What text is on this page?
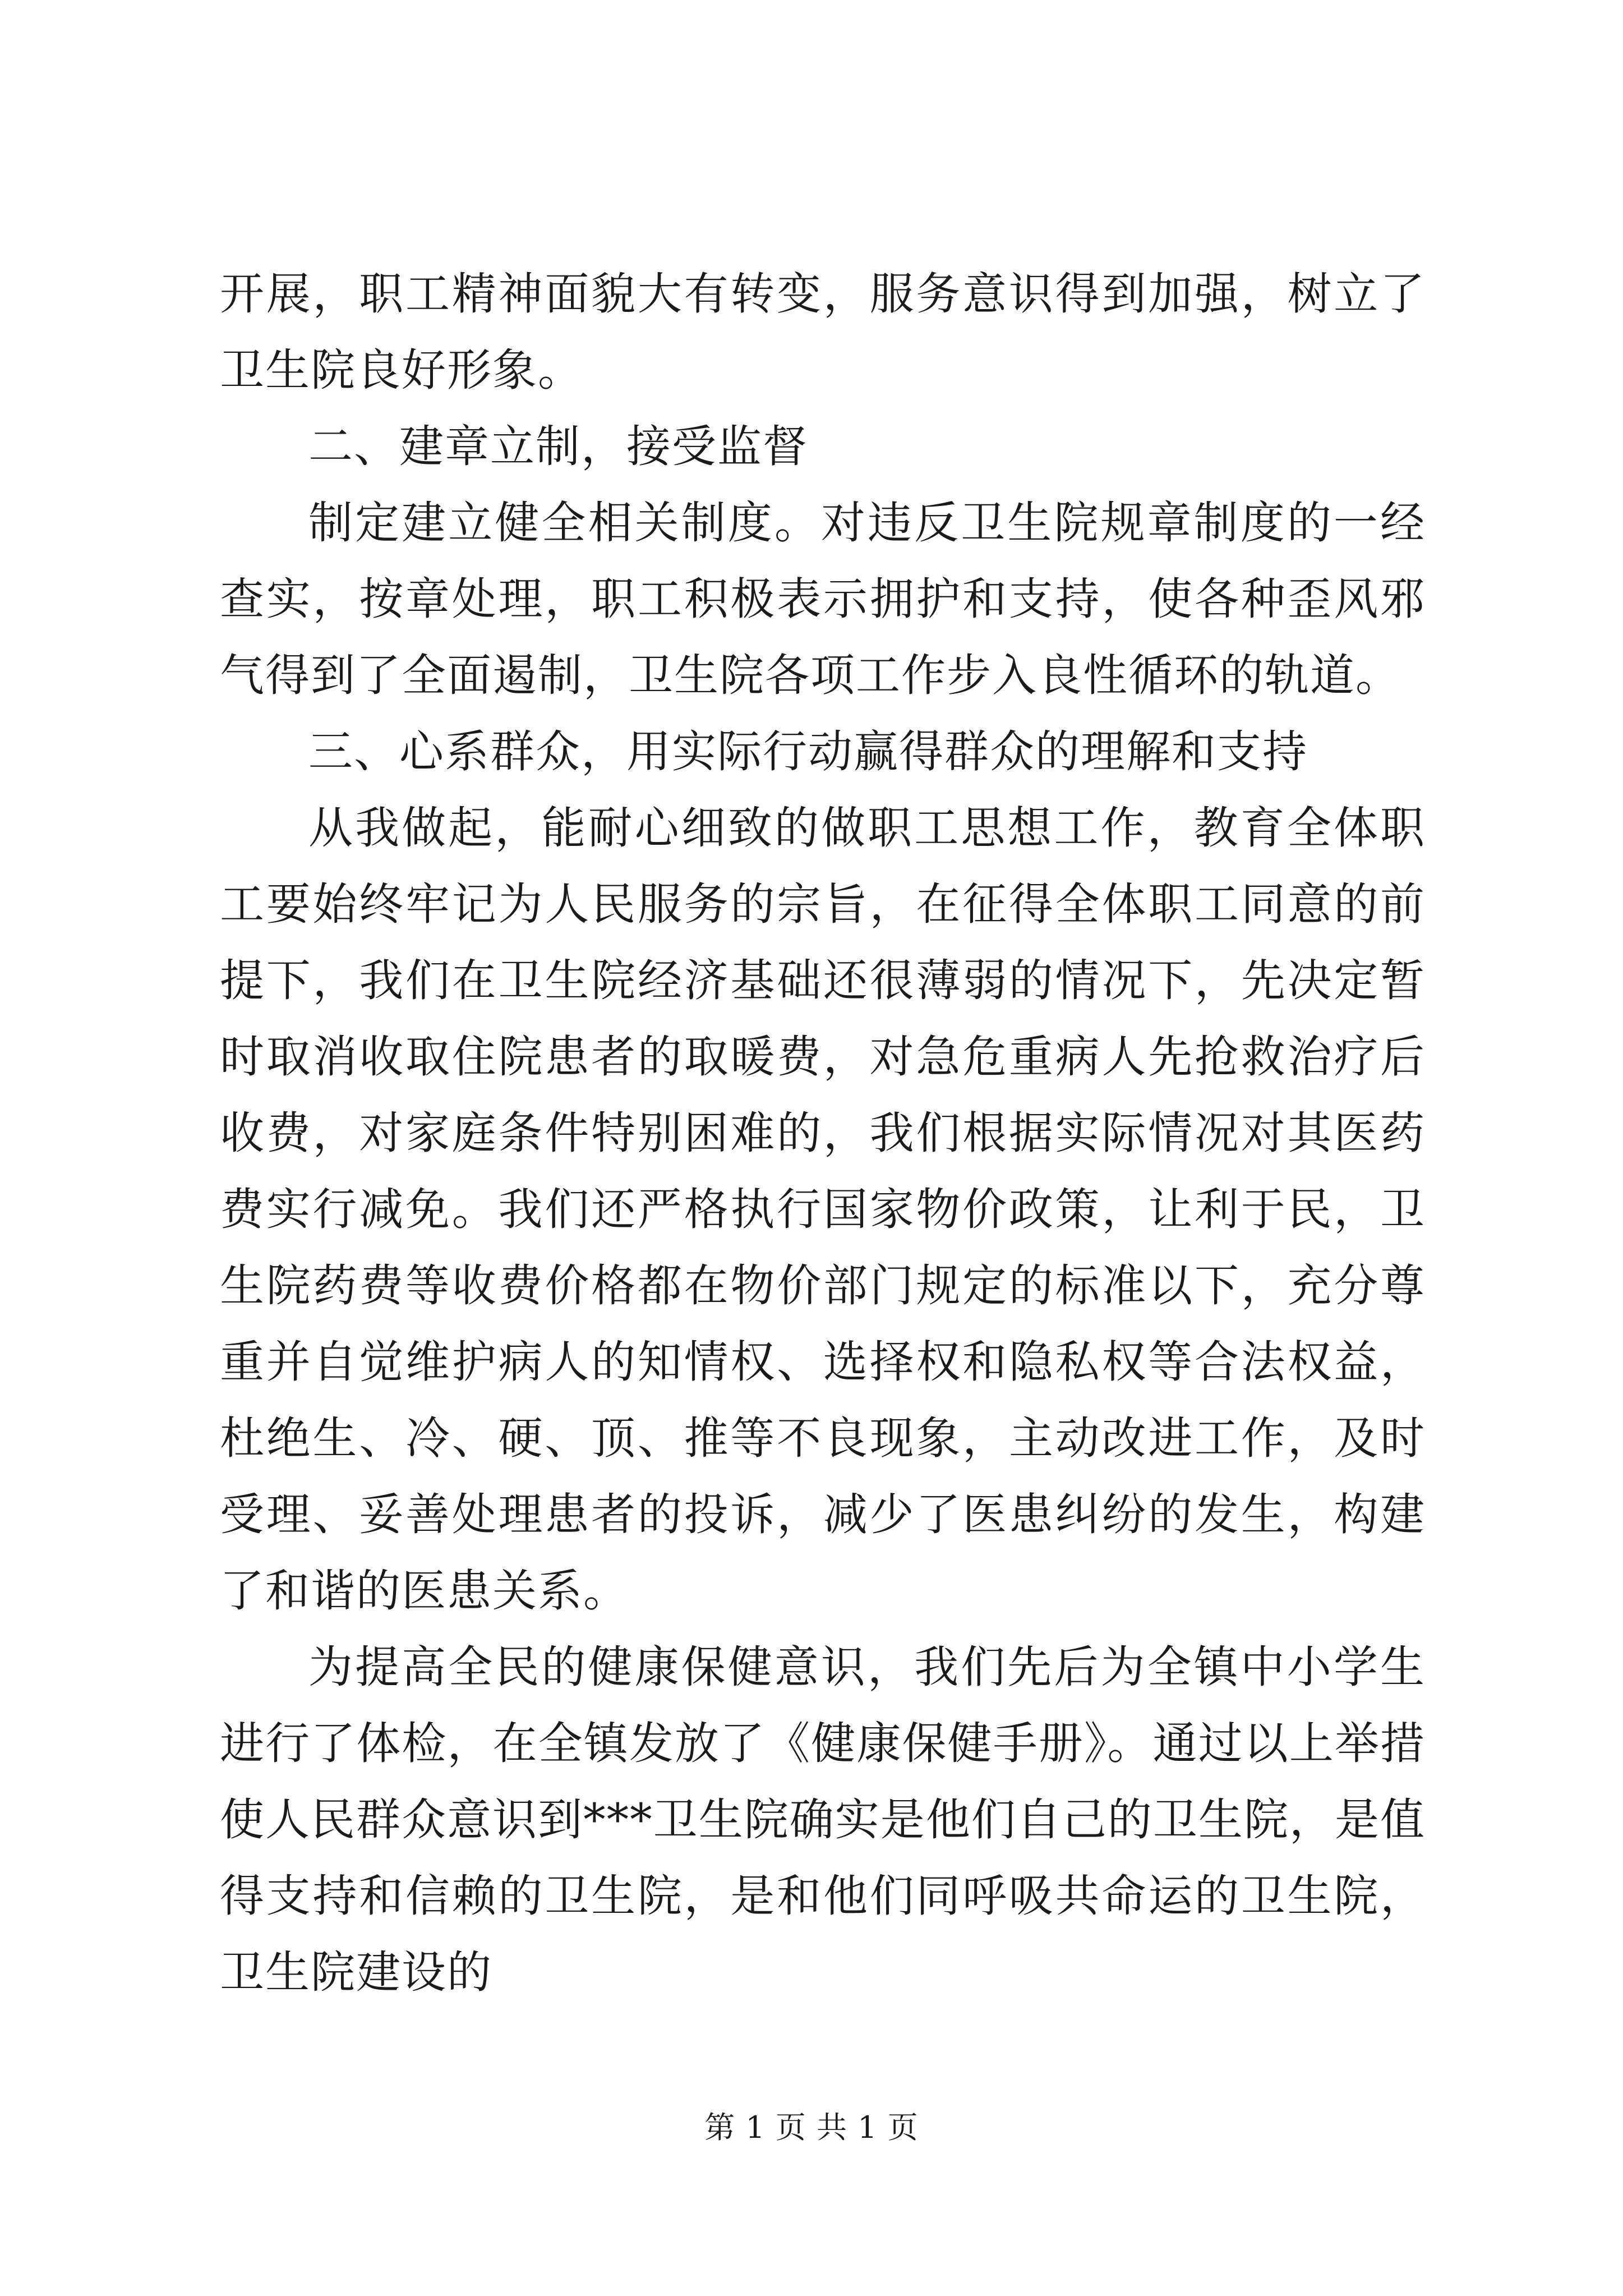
开展，职工精神面貌大有转变，服务意识得到加强，树立了卫生院良好形象。

二、建章立制，接受监督

制定建立健全相关制度。对违反卫生院规章制度的一经查实，按章处理，职工积极表示拥护和支持，使各种歪风邪气得到了全面遏制，卫生院各项工作步入良性循环的轨道。

三、心系群众，用实际行动赢得群众的理解和支持

从我做起，能耐心细致的做职工思想工作，教育全体职工要始终牢记为人民服务的宗旨，在征得全体职工同意的前提下，我们在卫生院经济基础还很薄弱的情况下，先决定暂时取消收取住院患者的取暖费，对急危重病人先抢救治疗后收费，对家庭条件特别困难的，我们根据实际情况对其医药费实行减免。我们还严格执行国家物价政策，让利于民，卫生院药费等收费价格都在物价部门规定的标准以下，充分尊重并自觉维护病人的知情权、选择权和隐私权等合法权益，杜绝生、冷、硬、顶、推等不良现象，主动改进工作，及时受理、妥善处理患者的投诉，减少了医患纠纷的发生，构建了和谐的医患关系。

为提高全民的健康保健意识，我们先后为全镇中小学生进行了体检，在全镇发放了《健康保健手册》。通过以上举措使人民群众意识到***卫生院确实是他们自己的卫生院，是值得支持和信赖的卫生院，是和他们同呼吸共命运的卫生院，卫生院建设的

第 1 页 共 1 页
